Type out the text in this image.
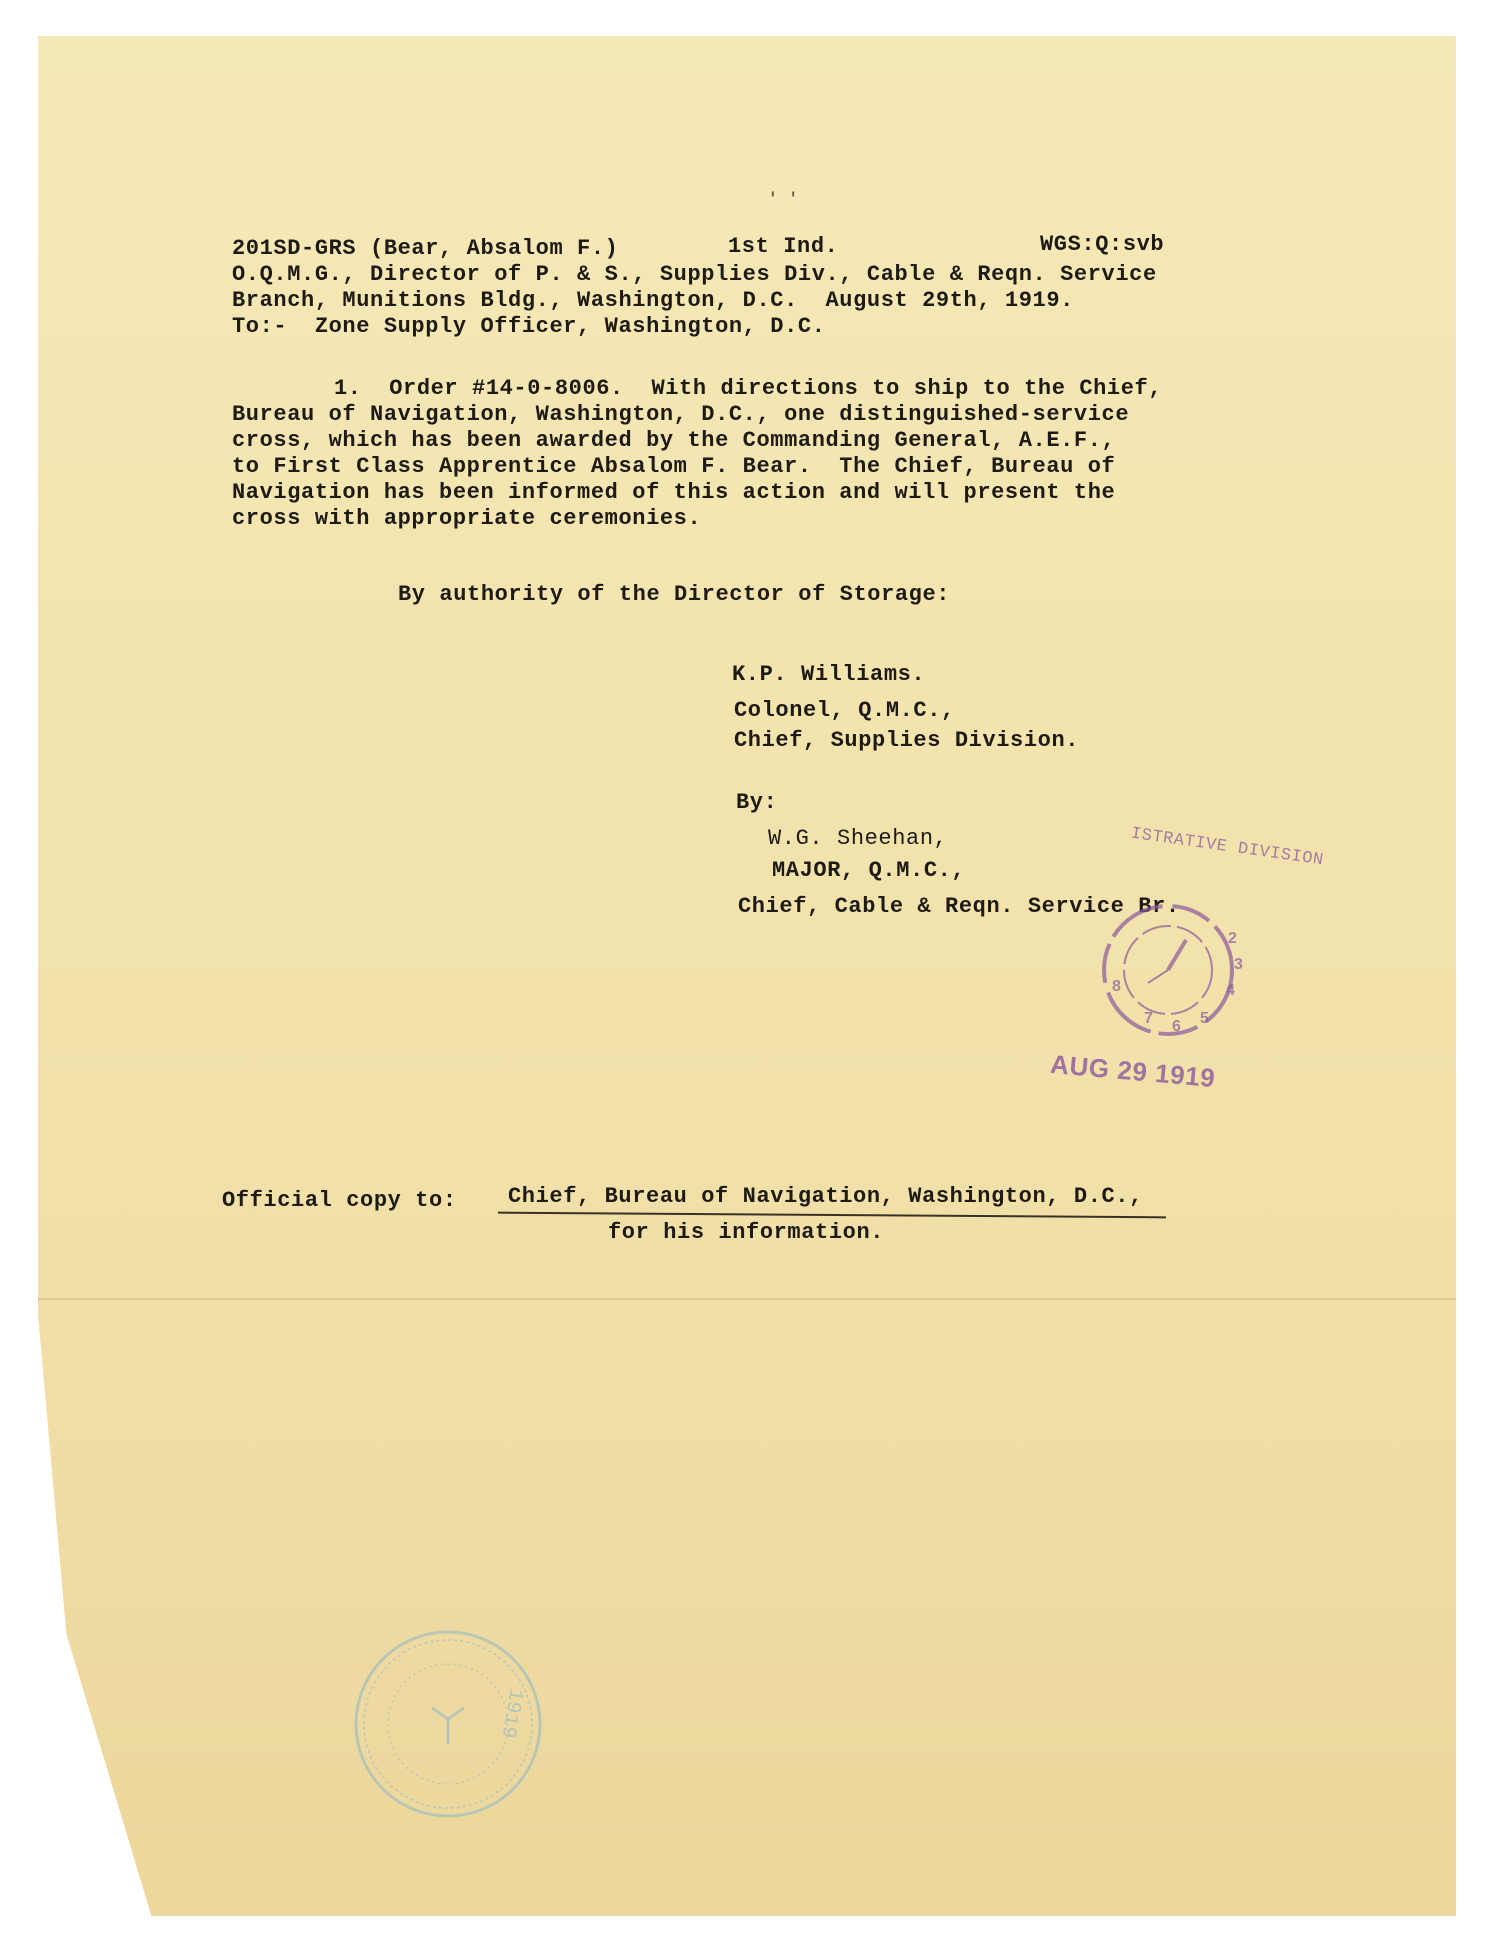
' '
201SD-GRS (Bear, Absalom F.)	1st Ind.	WGS:Q:svb
O.Q.M.G., Director of P. & S., Supplies Div., Cable & Reqn. Service
Branch, Munitions Bldg., Washington, D.C.  August 29th, 1919.
To:-  Zone Supply Officer, Washington, D.C.
1.  Order #14-0-8006.  With directions to ship to the Chief,
Bureau of Navigation, Washington, D.C., one distinguished-service
cross, which has been awarded by the Commanding General, A.E.F.,
to First Class Apprentice Absalom F. Bear.  The Chief, Bureau of
Navigation has been informed of this action and will present the
cross with appropriate ceremonies.
By authority of the Director of Storage:
K.P. Williams.
Colonel, Q.M.C.,
Chief, Supplies Division.
By:
W.G. Sheehan,
MAJOR, Q.M.C.,
Chief, Cable & Reqn. Service Br.
ISTRATIVE DIVISION
2
3
4
5
6
7
8
AUG 29 1919
Official copy to: Chief, Bureau of Navigation, Washington, D.C.,
for his information.
1919
